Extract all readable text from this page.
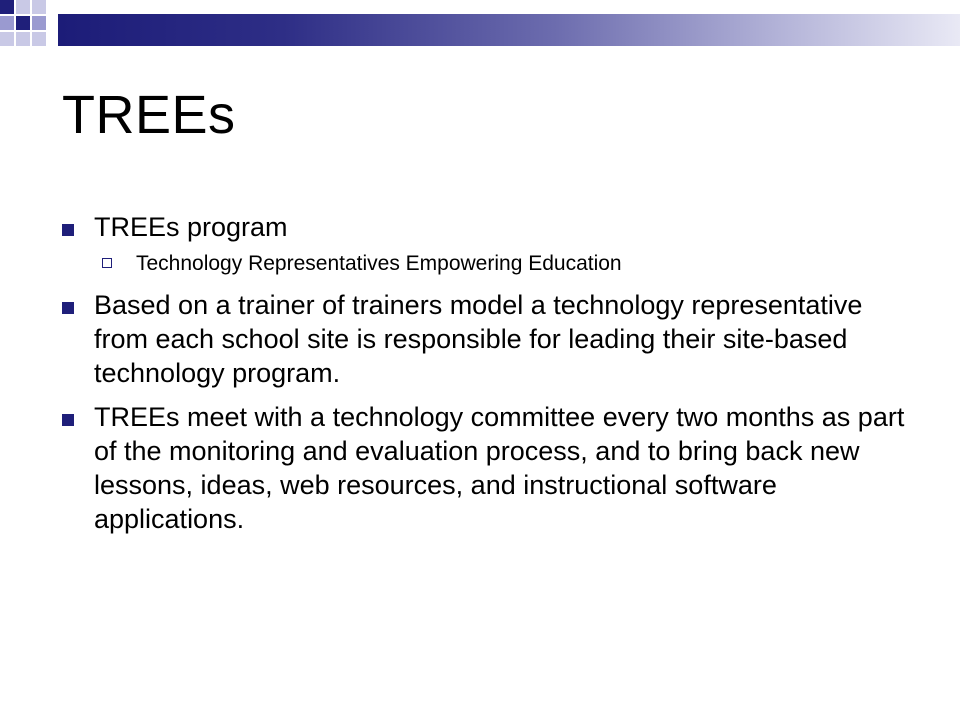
TREEs
TREEs program
Technology Representatives Empowering Education
Based on a trainer of trainers model a technology representative from each school site is responsible for leading their site-based technology program.
TREEs meet with a technology committee every two months as part of the monitoring and evaluation process, and to bring back new lessons, ideas, web resources, and instructional software applications.
